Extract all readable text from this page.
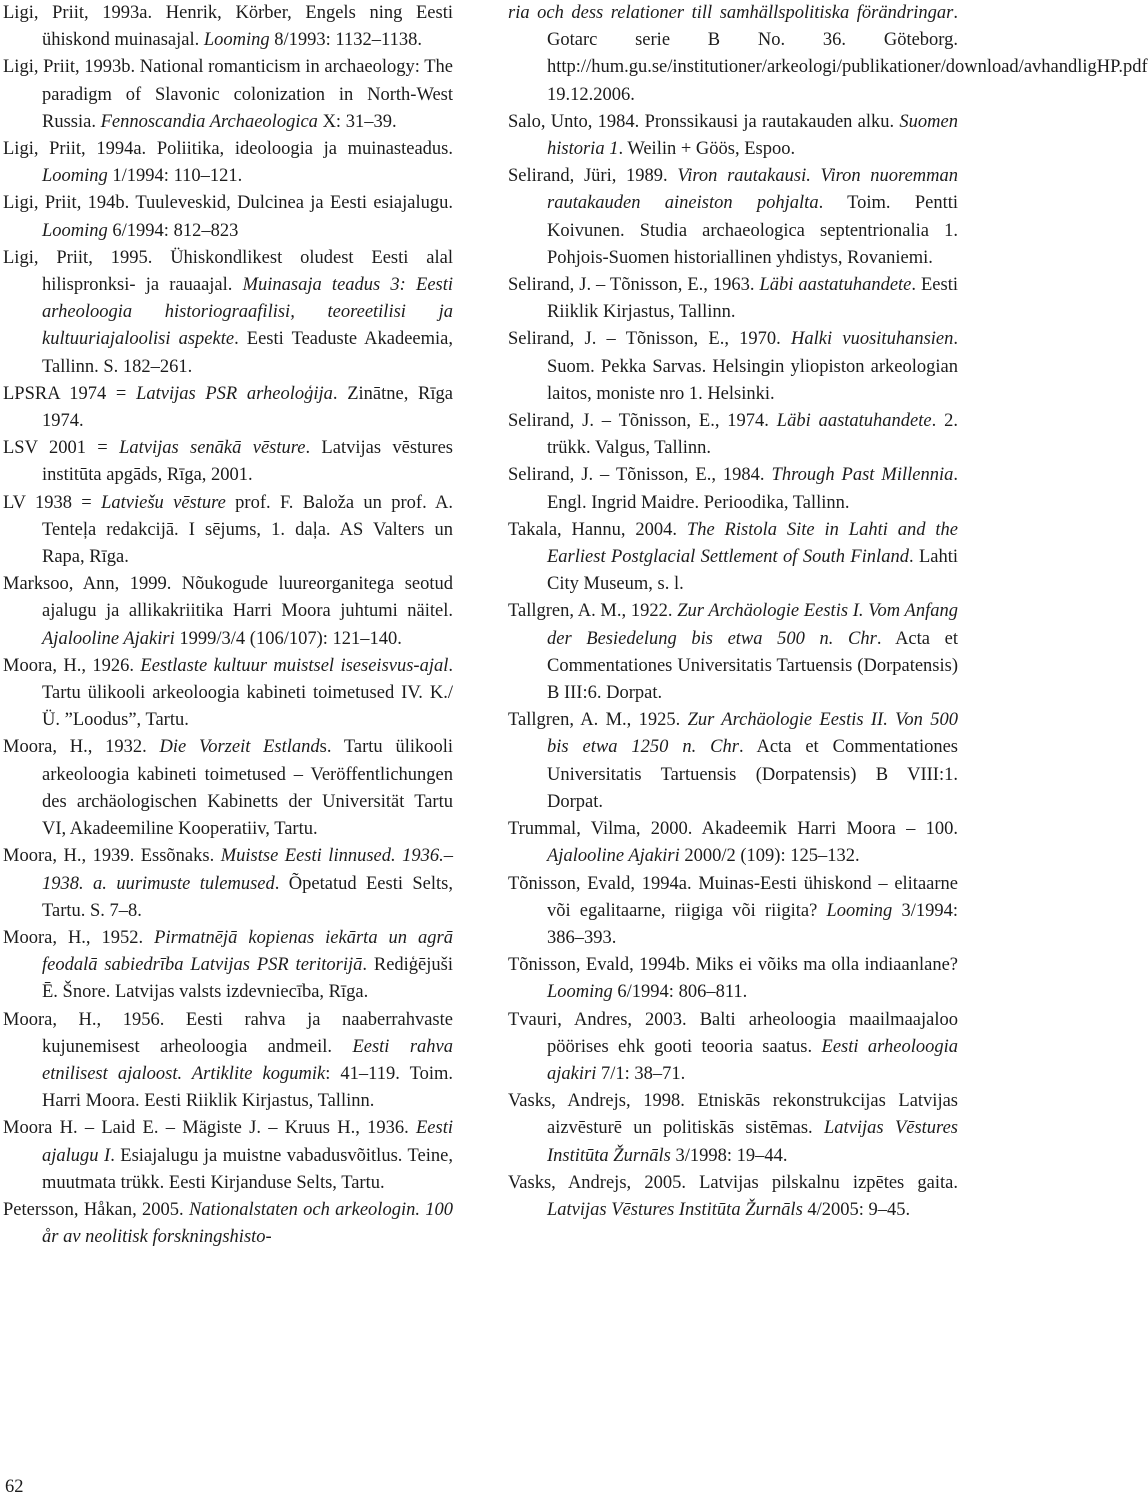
Ligi, Priit, 1993a. Henrik, Körber, Engels ning Eesti ühiskond muinasajal. Looming 8/1993: 1132–1138.
Ligi, Priit, 1993b. National romanticism in archaeology: The paradigm of Slavonic colonization in North-West Russia. Fennoscandia Archaeologica X: 31–39.
Ligi, Priit, 1994a. Poliitika, ideoloogia ja muinasteadus. Looming 1/1994: 110–121.
Ligi, Priit, 194b. Tuuleveskid, Dulcinea ja Eesti esiajalugu. Looming 6/1994: 812–823
Ligi, Priit, 1995. Ühiskondlikest oludest Eesti alal hilispronksi- ja rauaajal. Muinasaja teadus 3: Eesti arheoloogia historiograafilisi, teoreetilisi ja kultuuriajaloolisi aspekte. Eesti Teaduste Akadeemia, Tallinn. S. 182–261.
LPSRA 1974 = Latvijas PSR arheoloģija. Zinātne, Rīga 1974.
LSV 2001 = Latvijas senākā vēsture. Latvijas vēstures institūta apgāds, Rīga, 2001.
LV 1938 = Latviešu vēsture prof. F. Baloža un prof. A. Tenteļa redakcijā. I sējums, 1. daļa. AS Valters un Rapa, Rīga.
Marksoo, Ann, 1999. Nõukogude luureorganitega seotud ajalugu ja allikakriitika Harri Moora juhtumi näitel. Ajalooline Ajakiri 1999/3/4 (106/107): 121–140.
Moora, H., 1926. Eestlaste kultuur muistsel iseseisvus-ajal. Tartu ülikooli arkeoloogia kabineti toimetused IV. K./Ü. ”Loodus”, Tartu.
Moora, H., 1932. Die Vorzeit Estlands. Tartu ülikooli arkeoloogia kabineti toimetused – Veröffentlichungen des archäologischen Kabinetts der Universität Tartu VI, Akadeemiline Kooperatiiv, Tartu.
Moora, H., 1939. Essõnaks. Muistse Eesti linnused. 1936.–1938. a. uurimuste tulemused. Õpetatud Eesti Selts, Tartu. S. 7–8.
Moora, H., 1952. Pirmatnējā kopienas iekārta un agrā feodalā sabiedrība Latvijas PSR teritorijā. Rediģējuši Ē. Šnore. Latvijas valsts izdevniecība, Rīga.
Moora, H., 1956. Eesti rahva ja naaberrahvaste kujunemisest arheoloogia andmeil. Eesti rahva etnilisest ajaloost. Artiklite kogumik: 41–119. Toim. Harri Moora. Eesti Riiklik Kirjastus, Tallinn.
Moora H. – Laid E. – Mägiste J. – Kruus H., 1936. Eesti ajalugu I. Esiajalugu ja muistne vabadusvõitlus. Teine, muutmata trükk. Eesti Kirjanduse Selts, Tartu.
Petersson, Håkan, 2005. Nationalstaten och arkeologin. 100 år av neolitisk forskningshisto-
ria och dess relationer till samhällspolitiska förändringar. Gotarc serie B No. 36. Göteborg. http://hum.gu.se/institutioner/arkeologi/publikationer/download/avhandligHP.pdf 19.12.2006.
Salo, Unto, 1984. Pronssikausi ja rautakauden alku. Suomen historia 1. Weilin + Göös, Espoo.
Selirand, Jüri, 1989. Viron rautakausi. Viron nuoremman rautakauden aineiston pohjalta. Toim. Pentti Koivunen. Studia archaeologica septentrionalia 1. Pohjois-Suomen historiallinen yhdistys, Rovaniemi.
Selirand, J. – Tõnisson, E., 1963. Läbi aastatuhandete. Eesti Riiklik Kirjastus, Tallinn.
Selirand, J. – Tõnisson, E., 1970. Halki vuosituhansien. Suom. Pekka Sarvas. Helsingin yliopiston arkeologian laitos, moniste nro 1. Helsinki.
Selirand, J. – Tõnisson, E., 1974. Läbi aastatuhandete. 2. trükk. Valgus, Tallinn.
Selirand, J. – Tõnisson, E., 1984. Through Past Millennia. Engl. Ingrid Maidre. Perioodika, Tallinn.
Takala, Hannu, 2004. The Ristola Site in Lahti and the Earliest Postglacial Settlement of South Finland. Lahti City Museum, s. l.
Tallgren, A. M., 1922. Zur Archäologie Eestis I. Vom Anfang der Besiedelung bis etwa 500 n. Chr. Acta et Commentationes Universitatis Tartuensis (Dorpatensis) B III:6. Dorpat.
Tallgren, A. M., 1925. Zur Archäologie Eestis II. Von 500 bis etwa 1250 n. Chr. Acta et Commentationes Universitatis Tartuensis (Dorpatensis) B VIII:1. Dorpat.
Trummal, Vilma, 2000. Akadeemik Harri Moora – 100. Ajalooline Ajakiri 2000/2 (109): 125–132.
Tõnisson, Evald, 1994a. Muinas-Eesti ühiskond – elitaarne või egalitaarne, riigiga või riigita? Looming 3/1994: 386–393.
Tõnisson, Evald, 1994b. Miks ei võiks ma olla indiaanlane? Looming 6/1994: 806–811.
Tvauri, Andres, 2003. Balti arheoloogia maailmaajaloo pöörises ehk gooti teooria saatus. Eesti arheoloogia ajakiri 7/1: 38–71.
Vasks, Andrejs, 1998. Etniskās rekonstrukcijas Latvijas aizvēsturē un politiskās sistēmas. Latvijas Vēstures Institūta Žurnāls 3/1998: 19–44.
Vasks, Andrejs, 2005. Latvijas pilskalnu izpētes gaita. Latvijas Vēstures Institūta Žurnāls 4/2005: 9–45.
62
